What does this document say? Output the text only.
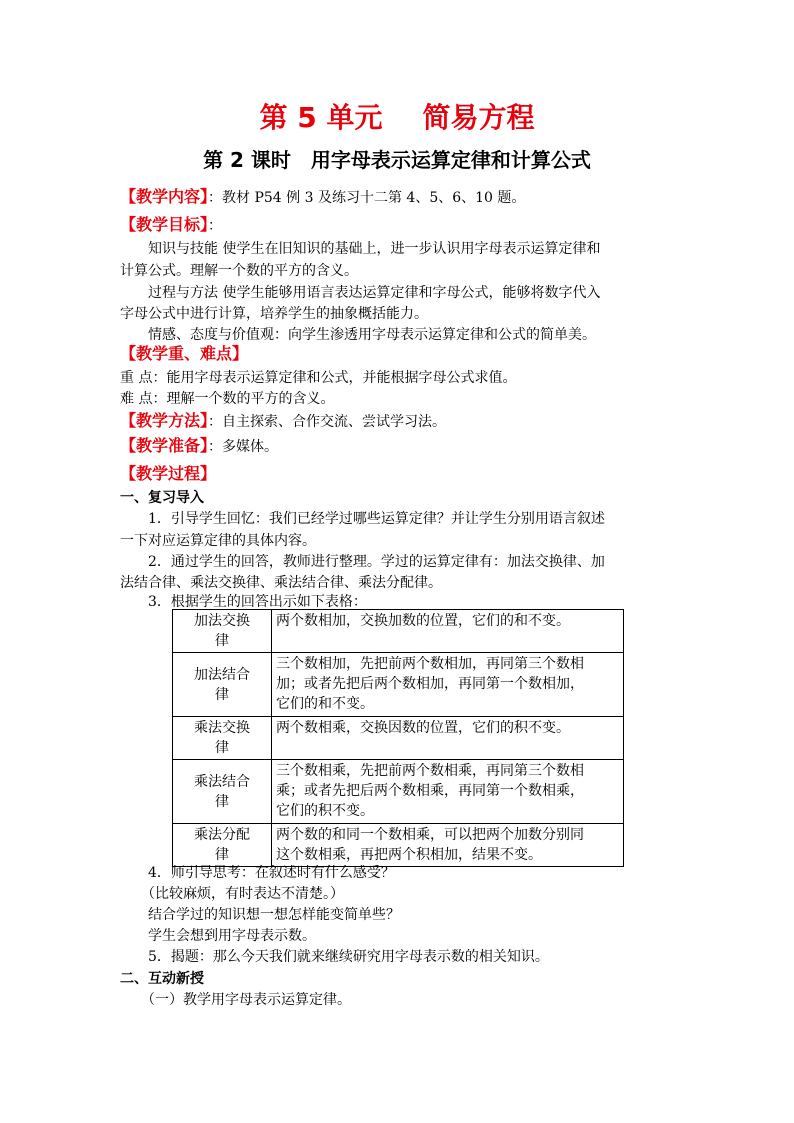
第 5 单元 简易方程
第 2 课时　用字母表示运算定律和计算公式
【教学内容】：教材 P54 例 3 及练习十二第 4、5、6、10 题。
【教学目标】：
　　知识与技能 使学生在旧知识的基础上，进一步认识用字母表示运算定律和
计算公式。理解一个数的平方的含义。
　　过程与方法 使学生能够用语言表达运算定律和字母公式，能够将数字代入
字母公式中进行计算，培养学生的抽象概括能力。
　　情感、态度与价值观：向学生渗透用字母表示运算定律和公式的简单美。
【教学重、难点】
重 点：能用字母表示运算定律和公式，并能根据字母公式求值。
难 点：理解一个数的平方的含义。
【教学方法】：自主探索、合作交流、尝试学习法。
【教学准备】：多媒体。
【教学过程】
一、复习导入
　　1．引导学生回忆：我们已经学过哪些运算定律？并让学生分别用语言叙述
一下对应运算定律的具体内容。
　　2．通过学生的回答，教师进行整理。学过的运算定律有：加法交换律、加
法结合律、乘法交换律、乘法结合律、乘法分配律。
　　3．根据学生的回答出示如下表格：
加法交换
律	两个数相加，交换加数的位置，它们的和不变。
加法结合
律	三个数相加，先把前两个数相加，再同第三个数相
加；或者先把后两个数相加，再同第一个数相加，
它们的和不变。
乘法交换
律	两个数相乘，交换因数的位置，它们的积不变。
乘法结合
律	三个数相乘，先把前两个数相乘，再同第三个数相
乘；或者先把后两个数相乘，再同第一个数相乘，
它们的积不变。
乘法分配
律	两个数的和同一个数相乘，可以把两个加数分别同
这个数相乘，再把两个积相加，结果不变。
　　4．师引导思考：在叙述时有什么感受？
　　（比较麻烦，有时表达不清楚。）
　　结合学过的知识想一想怎样能变简单些？
　　学生会想到用字母表示数。
　　5．揭题：那么今天我们就来继续研究用字母表示数的相关知识。
二、互动新授
　　（一）教学用字母表示运算定律。
